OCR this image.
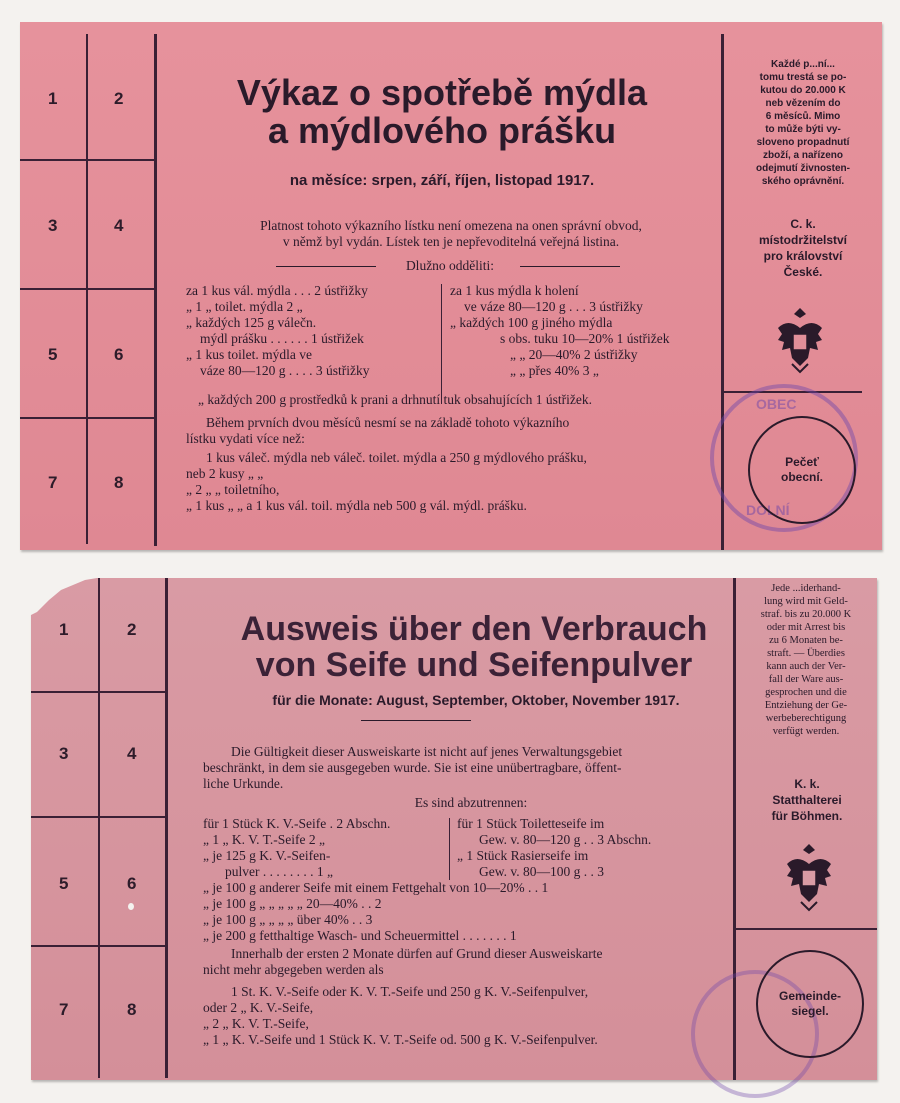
1	2
3	4
5	6
7	8
Výkaz o spotřebě mýdla
a mýdlového prášku
na měsíce: srpen, září, říjen, listopad 1917.
Platnost tohoto výkazního lístku není omezena na onen správní obvod,
v němž byl vydán. Lístek ten je nepřevoditelná veřejná listina.
Dlužno odděliti:
za 1 kus vál. mýdla . . . 2 ústřižky
„ 1 „ toilet. mýdla 2 „
„ každých 125 g válečn.
mýdl prášku . . . . . . 1 ústřižek
„ 1 kus toilet. mýdla ve
váze 80—120 g . . . . 3 ústřižky
za 1 kus mýdla k holení
ve váze 80—120 g . . . 3 ústřižky
„ každých 100 g jiného mýdla
s obs. tuku 10—20% 1 ústřižek
„ „ 20—40% 2 ústřižky
„ „ přes 40% 3 „
„ každých 200 g prostředků k prani a drhnutí tuk obsahujících 1 ústřižek.
Během prvních dvou měsíců nesmí se na základě tohoto výkazního
lístku vydati více než:
1 kus válеč. mýdla neb váleč. toilet. mýdla a 250 g mýdlového prášku,
neb 2 kusy „ „
„ 2 „ „ toiletního,
„ 1 kus „ „ a 1 kus vál. toil. mýdla neb 500 g vál. mýdl. prášku.
Každé p...ní...
tomu trestá se po-
kutou do 20.000 K
neb vězením do
6 měsíců. Mimo
to může býti vy-
sloveno propadnutí
zboží, a nařízeno
odejmutí živnosten-
ského oprávnění.
C. k.
místodržitelství
pro království
České.
OBEC
DOLNÍ
Pečeť
obecní.
1	2
3	4
5	6
7	8
Ausweis über den Verbrauch
von Seife und Seifenpulver
für die Monate: August, September, Oktober, November 1917.
Die Gültigkeit dieser Ausweiskarte ist nicht auf jenes Verwaltungsgebiet
beschränkt, in dem sie ausgegeben wurde. Sie ist eine unübertragbare, öffent-
liche Urkunde.
Es sind abzutrennen:
für 1 Stück K. V.-Seife . 2 Abschn.
„ 1 „ K. V. T.-Seife 2 „
„ je 125 g K. V.-Seifen-
pulver . . . . . . . . 1 „
für 1 Stück Toiletteseife im
Gew. v. 80—120 g . . 3 Abschn.
„ 1 Stück Rasierseife im
Gew. v. 80—100 g . . 3
„ je 100 g anderer Seife mit einem Fettgehalt von 10—20% . . 1
„ je 100 g „ „ „ „ „ 20—40% . . 2
„ je 100 g „ „ „ „ über 40% . . 3
„ je 200 g fetthaltige Wasch- und Scheuermittel . . . . . . . 1
Innerhalb der ersten 2 Monate dürfen auf Grund dieser Ausweiskarte
nicht mehr abgegeben werden als
1 St. K. V.-Seife oder K. V. T.-Seife und 250 g K. V.-Seifenpulver,
oder 2 „ K. V.-Seife,
„ 2 „ K. V. T.-Seife,
„ 1 „ K. V.-Seife und 1 Stück K. V. T.-Seife od. 500 g K. V.-Seifenpulver.
Jede ...iderhand-
lung wird mit Geld-
straf. bis zu 20.000 K
oder mit Arrest bis
zu 6 Monaten be-
straft. — Überdies
kann auch der Ver-
fall der Ware aus-
gesprochen und die
Entziehung der Ge-
werbeberechtigung
verfügt werden.
K. k.
Statthalterei
für Böhmen.
Gemeinde-
siegel.
